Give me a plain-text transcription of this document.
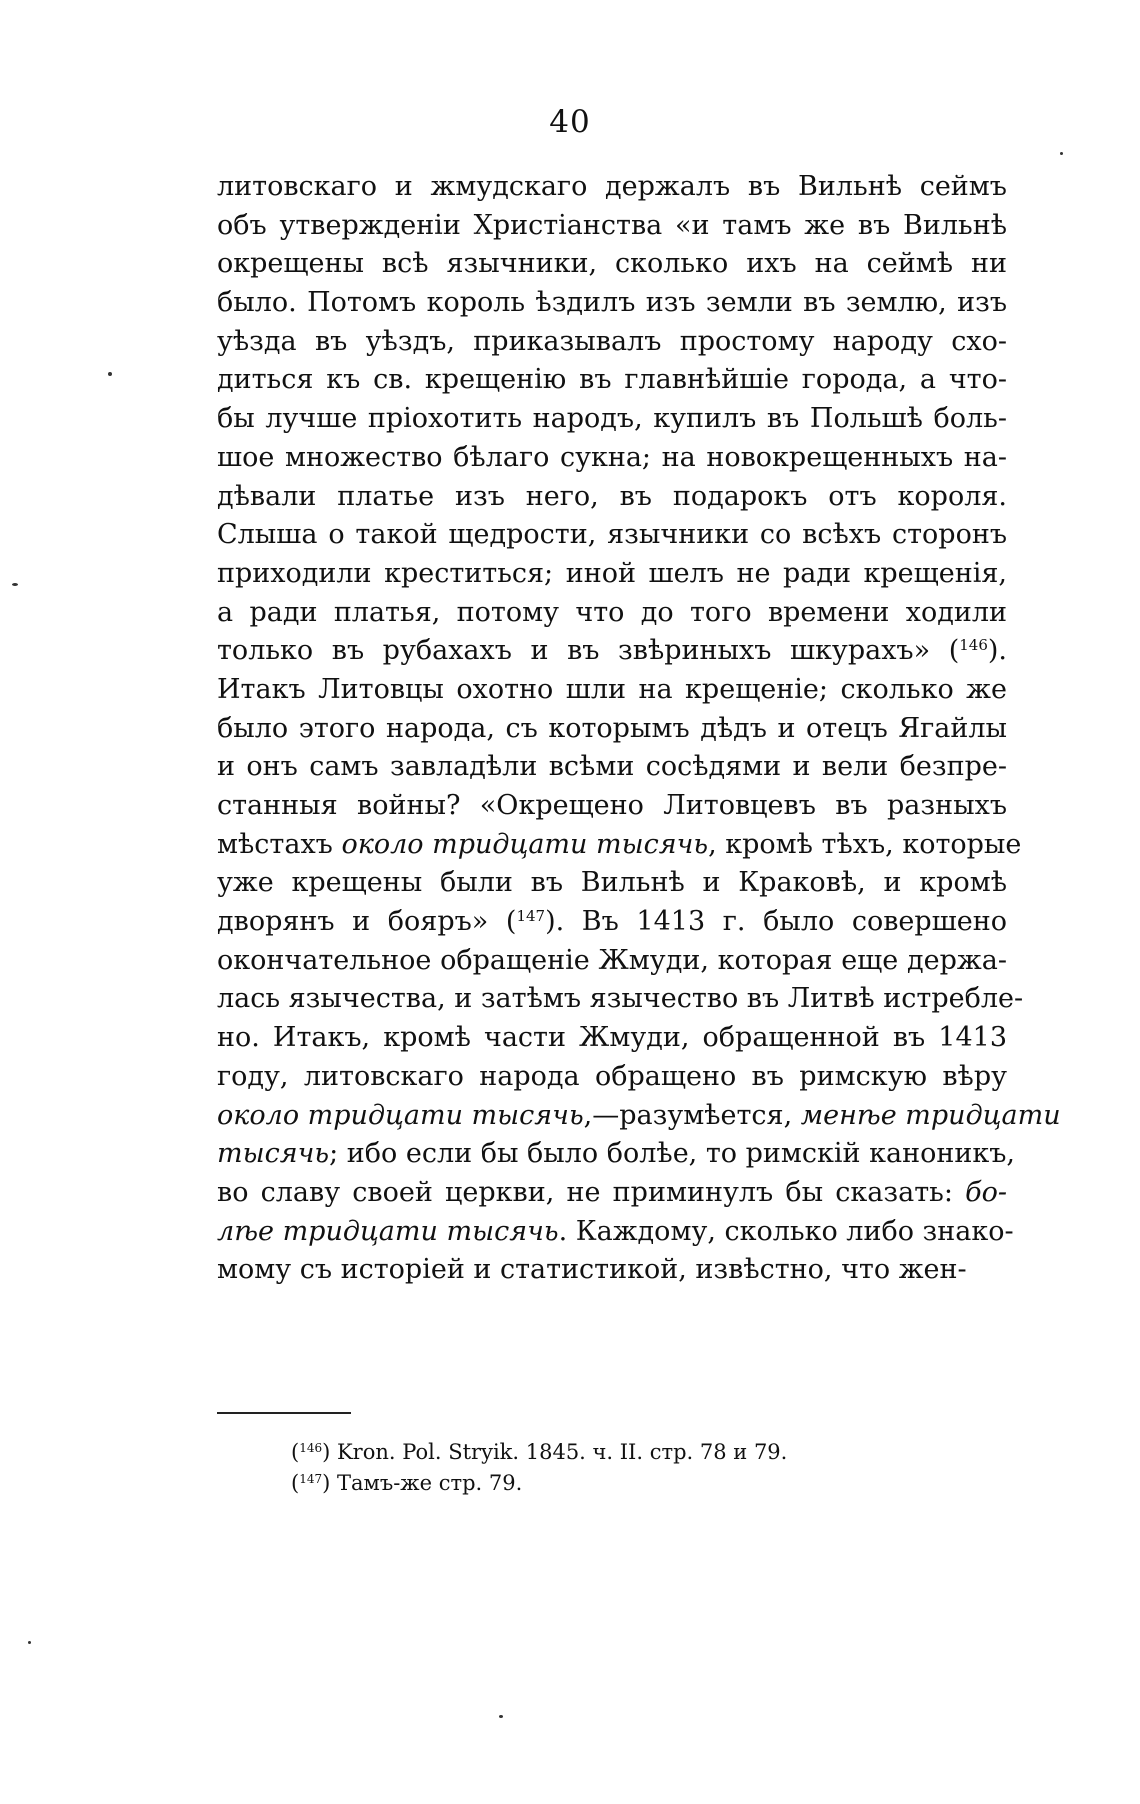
40
литовскаго и жмудскаго держалъ въ Вильнѣ сеймъ
объ утвержденіи Христіанства «и тамъ же въ Вильнѣ
окрещены всѣ язычники, сколько ихъ на сеймѣ ни
было. Потомъ король ѣздилъ изъ земли въ землю, изъ
уѣзда въ уѣздъ, приказывалъ простому народу схо-
диться къ св. крещенію въ главнѣйшіе города, а что-
бы лучше пріохотить народъ, купилъ въ Польшѣ боль-
шое множество бѣлаго сукна; на новокрещенныхъ на-
дѣвали платье изъ него, въ подарокъ отъ короля.
Слыша о такой щедрости, язычники со всѣхъ сторонъ
приходили креститься; иной шелъ не ради крещенія,
а ради платья, потому что до того времени ходили
только въ рубахахъ и въ звѣриныхъ шкурахъ» ($^{146}$).
Итакъ Литовцы охотно шли на крещеніе; сколько же
было этого народа, съ которымъ дѣдъ и отецъ Ягайлы
и онъ самъ завладѣли всѣми сосѣдями и вели безпре-
станныя войны? «Окрещено Литовцевъ въ разныхъ
мѣстахъ около тридцати тысячь, кромѣ тѣхъ, которые
уже крещены были въ Вильнѣ и Краковѣ, и кромѣ
дворянъ и бояръ» ($^{147}$). Въ 1413 г. было совершено
окончательное обращеніе Жмуди, которая еще держа-
лась язычества, и затѣмъ язычество въ Литвѣ истребле-
но. Итакъ, кромѣ части Жмуди, обращенной въ 1413
году, литовскаго народа обращено въ римскую вѣру
около тридцати тысячь,—разумѣется, менѣе тридцати
тысячь; ибо если бы было болѣе, то римскій каноникъ,
во славу своей церкви, не приминулъ бы сказать: бо-
лѣе тридцати тысячь. Каждому, сколько либо знако-
мому съ исторіей и статистикой, извѣстно, что жен-
($^{146}$) Kron. Pol. Stryik. 1845. ч. II. стр. 78 и 79.
($^{147}$) Тамъ-же стр. 79.
